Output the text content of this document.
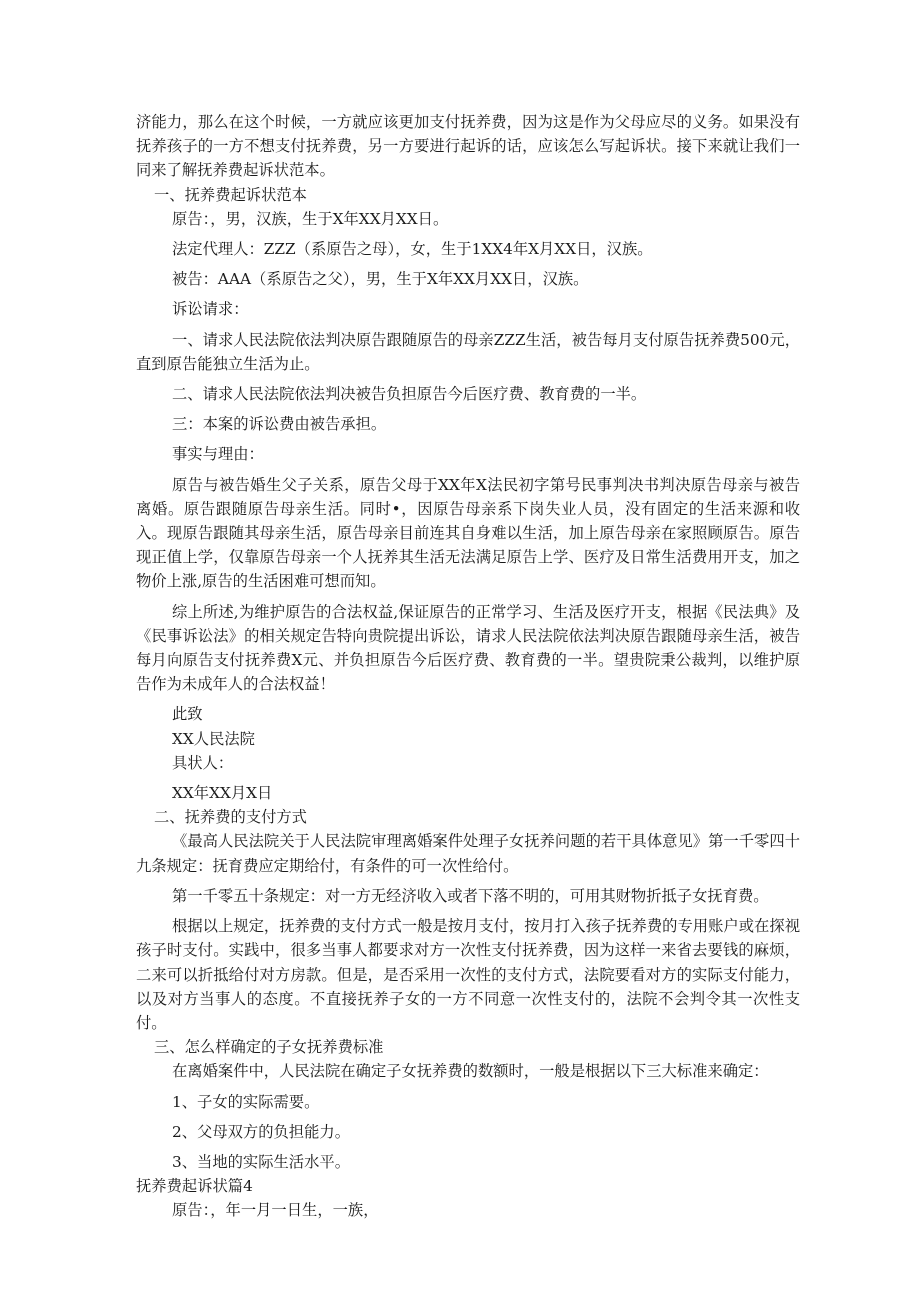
济能力，那么在这个时候，一方就应该更加支付抚养费，因为这是作为父母应尽的义务。如果没有抚养孩子的一方不想支付抚养费，另一方要进行起诉的话，应该怎么写起诉状。接下来就让我们一同来了解抚养费起诉状范本。

一、抚养费起诉状范本

原告：，男，汉族，生于X年XX月XX日。

法定代理人：ZZZ（系原告之母），女，生于1XX4年X月XX日，汉族。

被告：AAA（系原告之父），男，生于X年XX月XX日，汉族。

诉讼请求：

一、请求人民法院依法判决原告跟随原告的母亲ZZZ生活，被告每月支付原告抚养费500元，直到原告能独立生活为止。

二、请求人民法院依法判决被告负担原告今后医疗费、教育费的一半。

三：本案的诉讼费由被告承担。

事实与理由：

原告与被告婚生父子关系，原告父母于XX年X法民初字第号民事判决书判决原告母亲与被告离婚。原告跟随原告母亲生活。同时•，因原告母亲系下岗失业人员，没有固定的生活来源和收入。现原告跟随其母亲生活，原告母亲目前连其自身难以生活，加上原告母亲在家照顾原告。原告现正值上学，仅靠原告母亲一个人抚养其生活无法满足原告上学、医疗及日常生活费用开支，加之物价上涨,原告的生活困难可想而知。

综上所述,为维护原告的合法权益,保证原告的正常学习、生活及医疗开支，根据《民法典》及《民事诉讼法》的相关规定告特向贵院提出诉讼，请求人民法院依法判决原告跟随母亲生活，被告每月向原告支付抚养费X元、并负担原告今后医疗费、教育费的一半。望贵院秉公裁判，以维护原告作为未成年人的合法权益！

此致

XX人民法院

具状人：

XX年XX月X日

二、抚养费的支付方式

《最高人民法院关于人民法院审理离婚案件处理子女抚养问题的若干具体意见》第一千零四十九条规定：抚育费应定期给付，有条件的可一次性给付。

第一千零五十条规定：对一方无经济收入或者下落不明的，可用其财物折抵子女抚育费。

根据以上规定，抚养费的支付方式一般是按月支付，按月打入孩子抚养费的专用账户或在探视孩子时支付。实践中，很多当事人都要求对方一次性支付抚养费，因为这样一来省去要钱的麻烦，二来可以折抵给付对方房款。但是，是否采用一次性的支付方式，法院要看对方的实际支付能力，以及对方当事人的态度。不直接抚养子女的一方不同意一次性支付的，法院不会判令其一次性支付。

三、怎么样确定的子女抚养费标准

在离婚案件中，人民法院在确定子女抚养费的数额时，一般是根据以下三大标准来确定：

1、子女的实际需要。

2、父母双方的负担能力。

3、当地的实际生活水平。

抚养费起诉状篇4

原告：，年一月一日生，一族，
